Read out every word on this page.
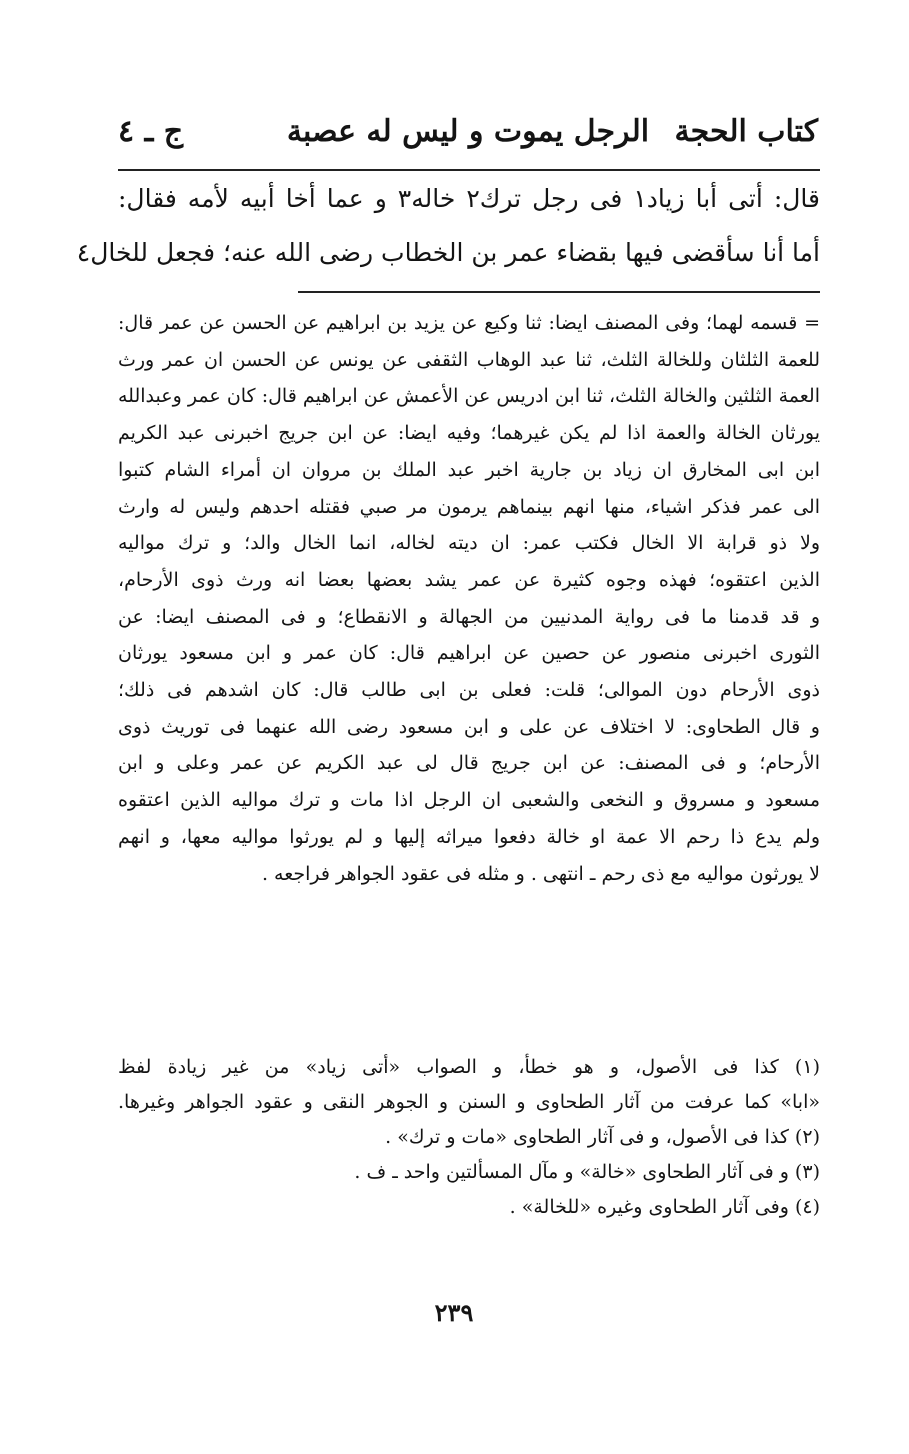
كتاب الحجة
الرجل يموت و ليس له عصبة
ج ـ ٤

قال: أتى أبا زياد١ فى رجل ترك٢ خاله٣ و عما أخا أبيه لأمه فقال:

أما أنا سأقضى فيها بقضاء عمر بن الخطاب رضى الله عنه؛ فجعل للخال٤

= قسمه لهما؛ وفى المصنف ايضا: ثنا وكيع عن يزيد بن ابراهيم عن الحسن عن عمر قال:

للعمة الثلثان وللخالة الثلث، ثنا عبد الوهاب الثقفى عن يونس عن الحسن ان عمر ورث

العمة الثلثين والخالة الثلث، ثنا ابن ادريس عن الأعمش عن ابراهيم قال: كان عمر وعبدالله

يورثان الخالة والعمة اذا لم يكن غيرهما؛ وفيه ايضا: عن ابن جريج اخبرنى عبد الكريم

ابن ابى المخارق ان زياد بن جارية اخبر عبد الملك بن مروان ان أمراء الشام كتبوا

الى عمر فذكر اشياء، منها انهم بينماهم يرمون مر صبي فقتله احدهم وليس له وارث

ولا ذو قرابة الا الخال فكتب عمر: ان ديته لخاله، انما الخال والد؛ و ترك مواليه

الذين اعتقوه؛ فهذه وجوه كثيرة عن عمر يشد بعضها بعضا انه ورث ذوى الأرحام،

و قد قدمنا ما فى رواية المدنيين من الجهالة و الانقطاع؛ و فى المصنف ايضا: عن

الثورى اخبرنى منصور عن حصين عن ابراهيم قال: كان عمر و ابن مسعود يورثان

ذوى الأرحام دون الموالى؛ قلت: فعلى بن ابى طالب قال: كان اشدهم فى ذلك؛

و قال الطحاوى: لا اختلاف عن على و ابن مسعود رضى الله عنهما فى توريث ذوى

الأرحام؛ و فى المصنف: عن ابن جريج قال لى عبد الكريم عن عمر وعلى و ابن

مسعود و مسروق و النخعى والشعبى ان الرجل اذا مات و ترك مواليه الذين اعتقوه

ولم يدع ذا رحم الا عمة او خالة دفعوا ميراثه إليها و لم يورثوا مواليه معها، و انهم

لا يورثون مواليه مع ذى رحم ـ انتهى . و مثله فى عقود الجواهر فراجعه .

(١) كذا فى الأصول، و هو خطأ، و الصواب «أتى زياد» من غير زيادة لفظ

«ابا» كما عرفت من آثار الطحاوى و السنن و الجوهر النقى و عقود الجواهر وغيرها.

(٢) كذا فى الأصول، و فى آثار الطحاوى «مات و ترك» .

(٣) و فى آثار الطحاوى «خالة» و مآل المسألتين واحد ـ ف .

(٤) وفى آثار الطحاوى وغيره «للخالة» .

٢٣٩
